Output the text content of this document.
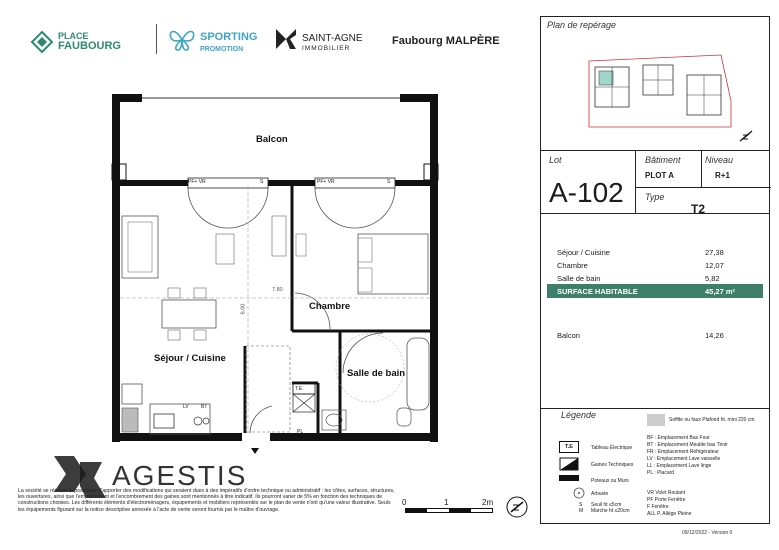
PLACE
FAUBOURG
SPORTING
PROMOTION
SAINT-AGNE
IMMOBILIER
Faubourg MALPÈRE
Balcon
Chambre
Séjour / Cuisine
Salle de bain
PF+ VR	S	PF+ VR	S
7.80
6.00
LV BT
T.E.
PL
AGESTIS
La société se réserve la possibilité d'apporter des modifications qui seraient dues à des impératifs d'ordre technique ou administratif : les côtes, surfaces, structures, les ouvertures, ainsi que l'emplacement et l'encombrement des gaines sont mentionnés à titre indicatif. Ils pourront varier de 5% en fonction des techniques de constructions choisies. Les différents éléments d'électroménagers, équipements et mobiliers représentés sur le plan de vente n'ont qu'une valeur illustrative. Seuls les équipements figurant sur la notice descriptive annexée à l'acte de vente seront fournis par le maître d'ouvrage.
0	1	2m
Plan de repérage
Lot
A-102
Bâtiment
PLOT A
Niveau
R+1
Type
T2
Séjour / Cuisine	27,38
Chambre	12,07
Salle de bain	5,82
SURFACE HABITABLE	45,27 m²
Balcon	14,26
Légende	Soffite ou faux Plafond ht. mini 220 cm
T.E	Tableau Électrique
Gaines Techniques
Poteaux ou Murs
Arbuste
S Seuil ht ≤5cm
M Marche ht ≤20cm
BF : Emplacement Bas Four
BT : Emplacement Meuble bas Tiroir
FR : Emplacement Réfrigérateur
LV : Emplacement Lave vaisselle
LL : Emplacement Lave linge
PL : Placard
VR Volet Roulant
PF Porte Fenêtre
F Fenêtre
ALL P. Allège Pleine
09/12/2022 - Version 0
